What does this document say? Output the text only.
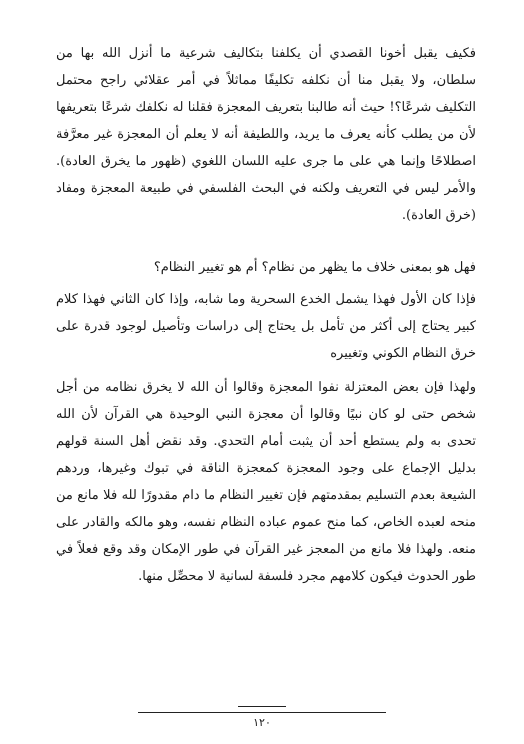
فكيف يقبل أخونا القصدي أن يكلفنا بتكاليف شرعية ما أنزل الله بها من سلطان، ولا يقبل منا أن نكلفه تكليفًا مماثلاً في أمر عقلائي راجح محتمل التكليف شرعًا؟! حيث أنه طالبنا بتعريف المعجزة فقلنا له نكلفك شرعًا بتعريفها لأن من يطلب كأنه يعرف ما يريد، واللطيفة أنه لا يعلم أن المعجزة غير معرَّفة اصطلاحًا وإنما هي على ما جرى عليه اللسان اللغوي (ظهور ما يخرق العادة). والأمر ليس في التعريف ولكنه في البحث الفلسفي في طبيعة المعجزة ومفاد (خرق العادة).

فهل هو بمعنى خلاف ما يظهر من نظام؟ أم هو تغيير النظام؟

فإذا كان الأول فهذا يشمل الخدع السحرية وما شابه، وإذا كان الثاني فهذا كلام كبير يحتاج إلى أكثر من تأمل بل يحتاج إلى دراسات وتأصيل لوجود قدرة على خرق النظام الكوني وتغييره

ولهذا فإن بعض المعتزلة نفوا المعجزة وقالوا أن الله لا يخرق نظامه من أجل شخص حتى لو كان نبيًا وقالوا أن معجزة النبي الوحيدة هي القرآن لأن الله تحدى به ولم يستطع أحد أن يثبت أمام التحدي. وقد نقض أهل السنة قولهم بدليل الإجماع على وجود المعجزة كمعجزة الناقة في تبوك وغيرها، وردهم الشيعة بعدم التسليم بمقدمتهم فإن تغيير النظام ما دام مقدورًا لله فلا مانع من منحه لعبده الخاص، كما منح عموم عباده النظام نفسه، وهو مالكه والقادر على منعه. ولهذا فلا مانع من المعجز غير القرآن في طور الإمكان وقد وقع فعلاً في طور الحدوث فيكون كلامهم مجرد فلسفة لسانية لا محصِّل منها.

١٢٠
